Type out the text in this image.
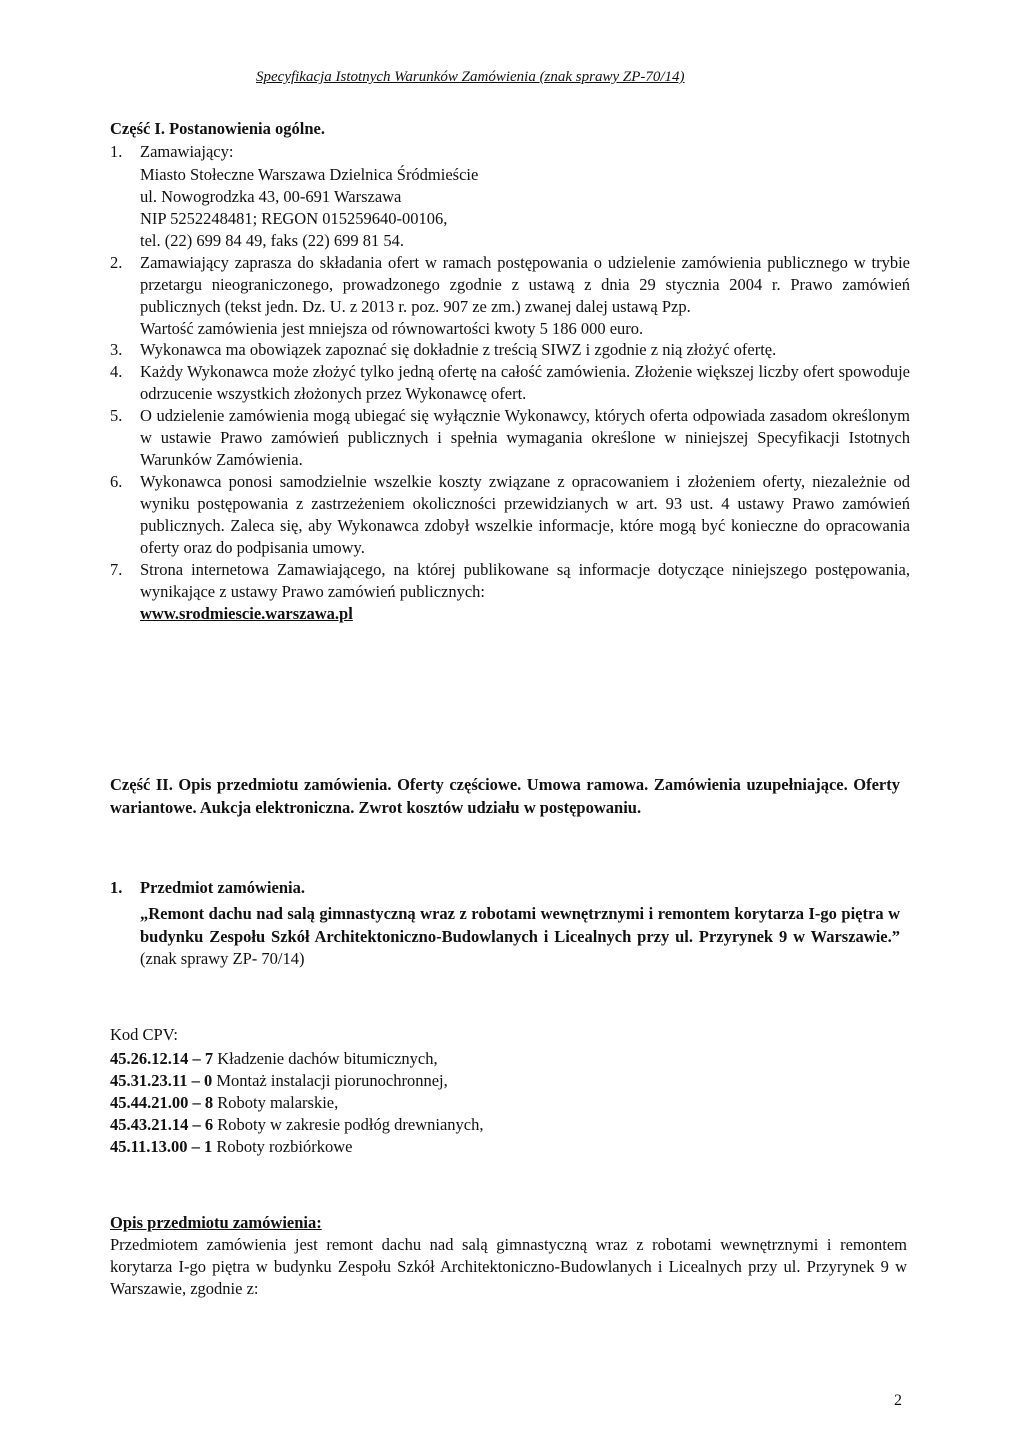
Specyfikacja Istotnych Warunków Zamówienia (znak sprawy ZP-70/14)

Część I. Postanowienia ogólne.

1.	Zamawiający:
Miasto Stołeczne Warszawa Dzielnica Śródmieście
ul. Nowogrodzka 43, 00-691 Warszawa
NIP 5252248481; REGON 015259640-00106,
tel. (22) 699 84 49, faks (22) 699 81 54.
2.	Zamawiający zaprasza do składania ofert w ramach postępowania o udzielenie zamówienia publicznego w trybie przetargu nieograniczonego, prowadzonego zgodnie z ustawą z dnia 29 stycznia 2004 r. Prawo zamówień publicznych (tekst jedn. Dz. U. z 2013 r. poz. 907 ze zm.) zwanej dalej ustawą Pzp.

Wartość zamówienia jest mniejsza od równowartości kwoty 5 186 000 euro.

3.	Wykonawca ma obowiązek zapoznać się dokładnie z treścią SIWZ i zgodnie z nią złożyć ofertę.

4.	Każdy Wykonawca może złożyć tylko jedną ofertę na całość zamówienia. Złożenie większej liczby ofert spowoduje odrzucenie wszystkich złożonych przez Wykonawcę ofert.

5.	O udzielenie zamówienia mogą ubiegać się wyłącznie Wykonawcy, których oferta odpowiada zasadom określonym w ustawie Prawo zamówień publicznych i spełnia wymagania określone w niniejszej Specyfikacji Istotnych Warunków Zamówienia.

6.	Wykonawca ponosi samodzielnie wszelkie koszty związane z opracowaniem i złożeniem oferty, niezależnie od wyniku postępowania z zastrzeżeniem okoliczności przewidzianych w art. 93 ust. 4 ustawy Prawo zamówień publicznych. Zaleca się, aby Wykonawca zdobył wszelkie informacje, które mogą być konieczne do opracowania oferty oraz do podpisania umowy.

7.	Strona internetowa Zamawiającego, na której publikowane są informacje dotyczące niniejszego postępowania, wynikające z ustawy Prawo zamówień publicznych:
www.srodmiescie.warszawa.pl

Część II. Opis przedmiotu zamówienia. Oferty częściowe. Umowa ramowa. Zamówienia uzupełniające. Oferty wariantowe. Aukcja elektroniczna. Zwrot kosztów udziału w postępowaniu.

1.	Przedmiot zamówienia.

„Remont dachu nad salą gimnastyczną wraz z robotami wewnętrznymi i remontem korytarza I-go piętra w budynku Zespołu Szkół Architektoniczno-Budowlanych i Licealnych przy ul. Przyrynek 9 w Warszawie.” (znak sprawy ZP- 70/14)

Kod CPV:
45.26.12.14 – 7 Kładzenie dachów bitumicznych,
45.31.23.11 – 0 Montaż instalacji piorunochronnej,
45.44.21.00 – 8 Roboty malarskie,
45.43.21.14 – 6 Roboty w zakresie podłóg drewnianych,
45.11.13.00 – 1 Roboty rozbiórkowe
Opis przedmiotu zamówienia:

Przedmiotem zamówienia jest remont dachu nad salą gimnastyczną wraz z robotami wewnętrznymi i remontem korytarza I-go piętra w budynku Zespołu Szkół Architektoniczno-Budowlanych i Licealnych przy ul. Przyrynek 9 w Warszawie, zgodnie z:

2
